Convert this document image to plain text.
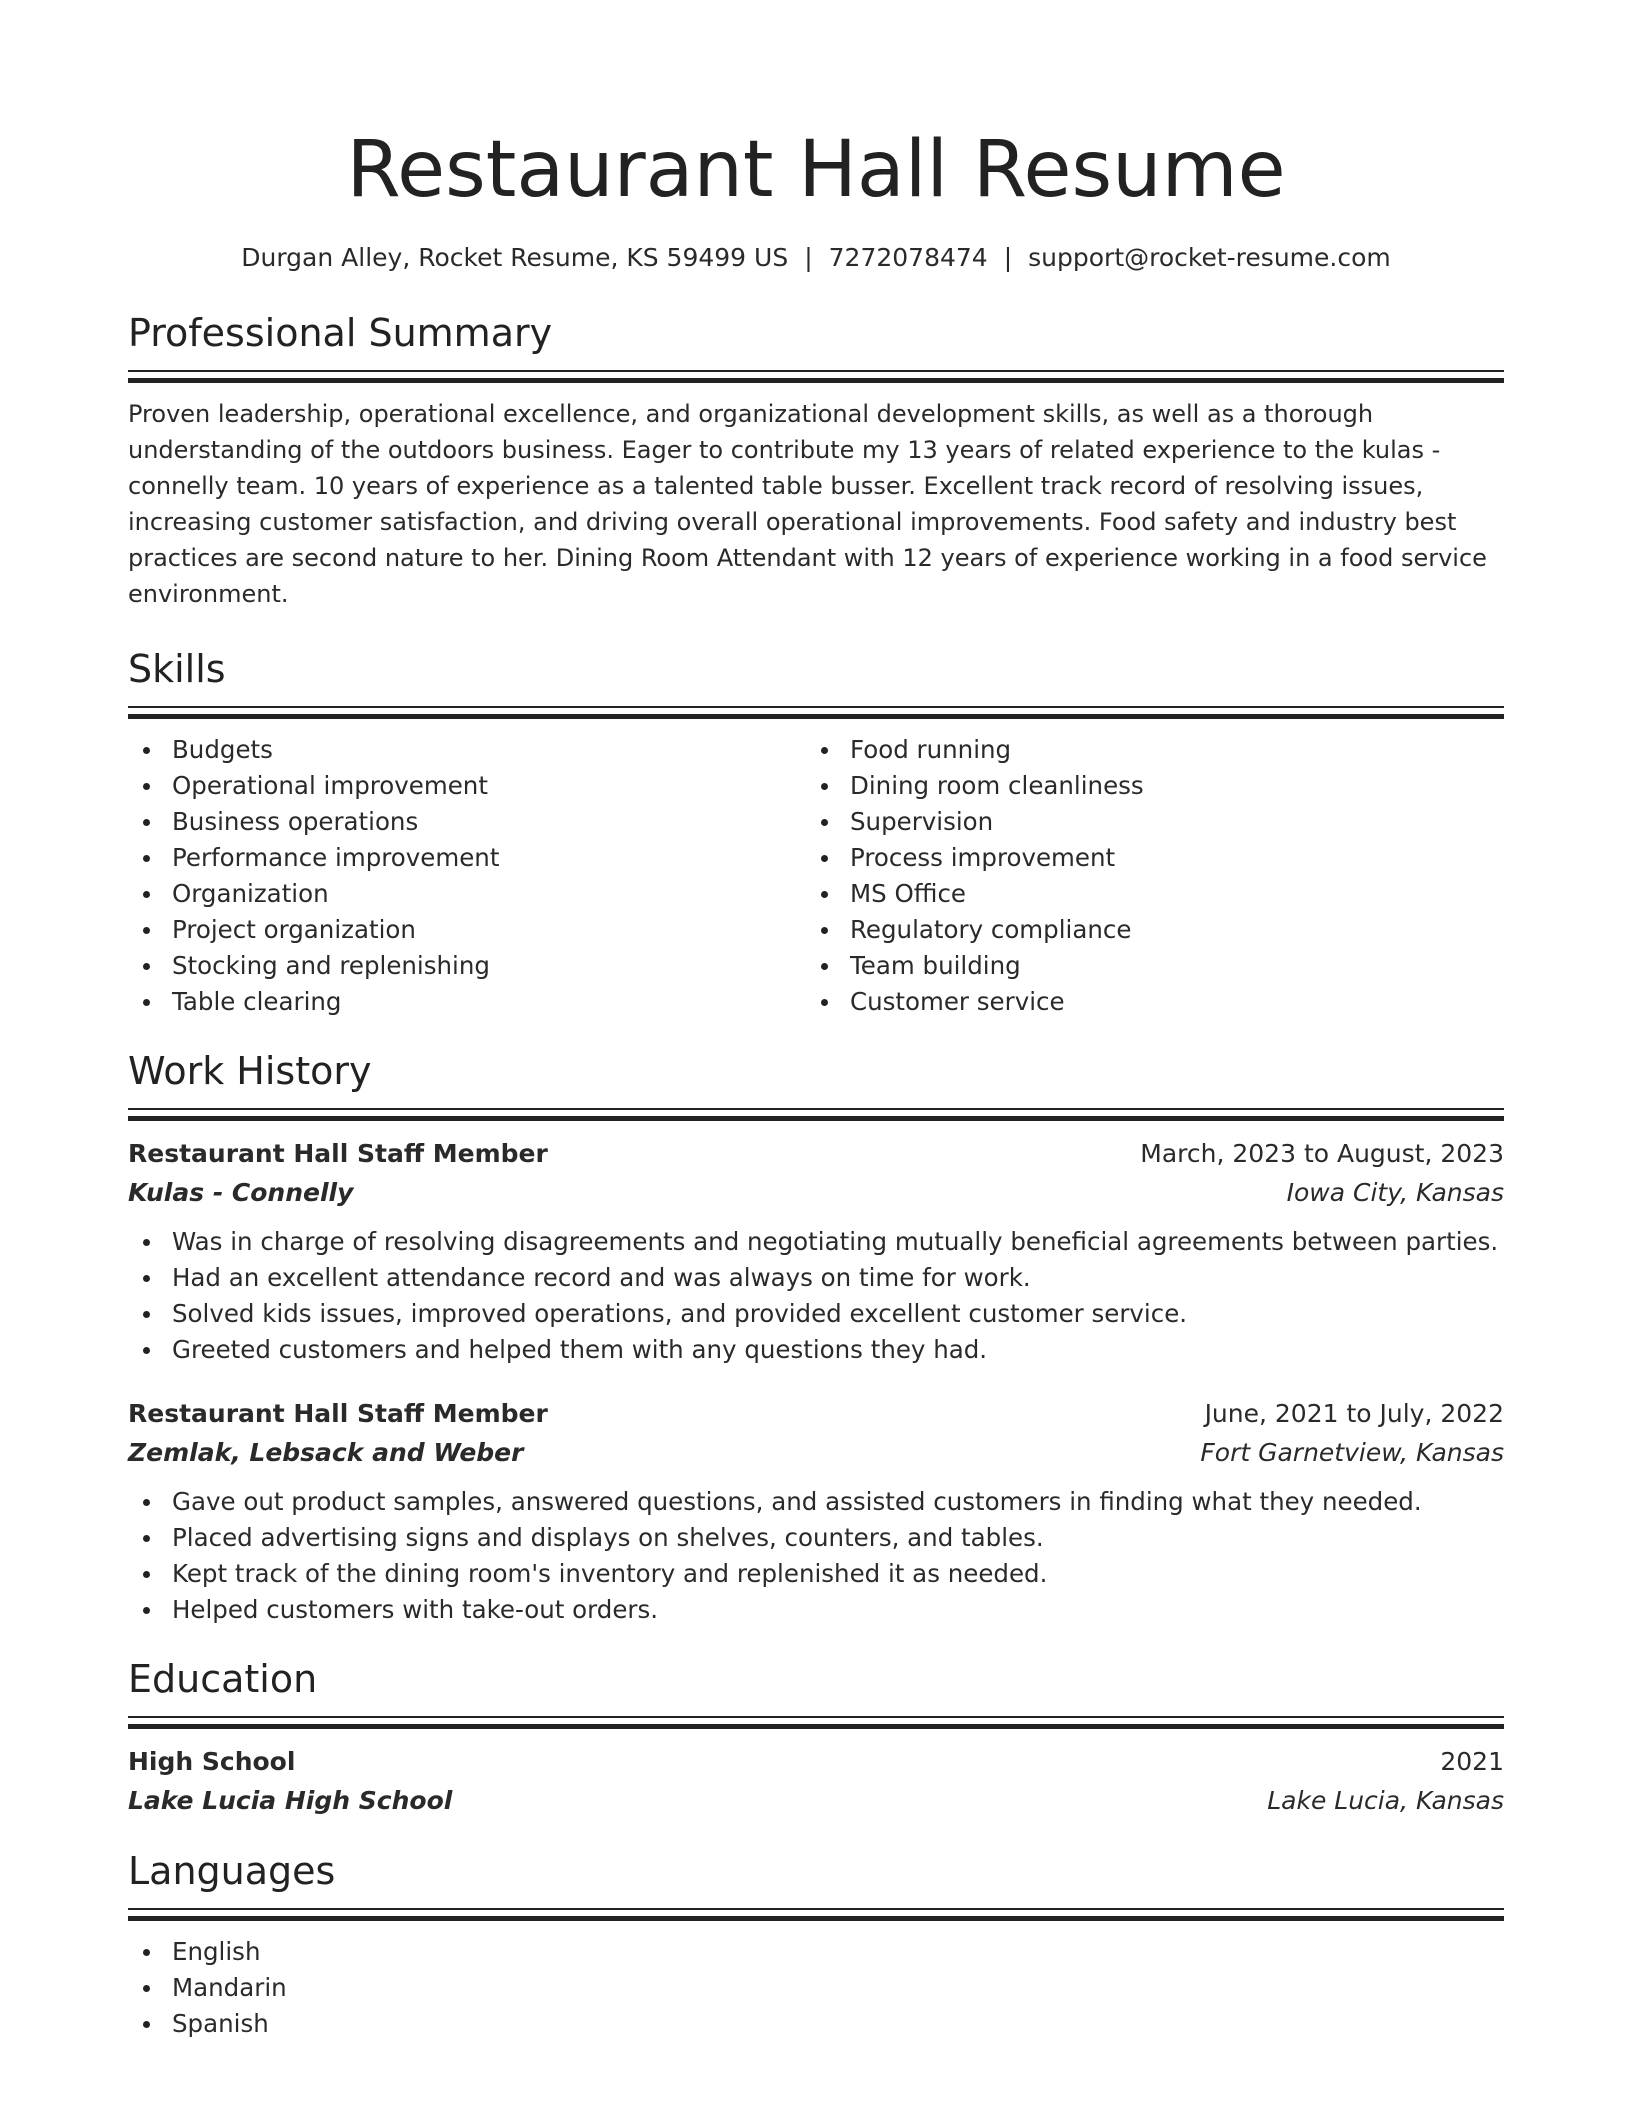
Restaurant Hall Resume
Durgan Alley, Rocket Resume, KS 59499 US | 7272078474 | support@rocket-resume.com
Professional Summary
Proven leadership, operational excellence, and organizational development skills, as well as a thorough understanding of the outdoors business. Eager to contribute my 13 years of related experience to the kulas - connelly team. 10 years of experience as a talented table busser. Excellent track record of resolving issues, increasing customer satisfaction, and driving overall operational improvements. Food safety and industry best practices are second nature to her. Dining Room Attendant with 12 years of experience working in a food service environment.
Skills
Budgets
Operational improvement
Business operations
Performance improvement
Organization
Project organization
Stocking and replenishing
Table clearing
Food running
Dining room cleanliness
Supervision
Process improvement
MS Office
Regulatory compliance
Team building
Customer service
Work History
Restaurant Hall Staff Member	March, 2023 to August, 2023
Kulas - Connelly	Iowa City, Kansas
Was in charge of resolving disagreements and negotiating mutually beneficial agreements between parties.
Had an excellent attendance record and was always on time for work.
Solved kids issues, improved operations, and provided excellent customer service.
Greeted customers and helped them with any questions they had.
Restaurant Hall Staff Member	June, 2021 to July, 2022
Zemlak, Lebsack and Weber	Fort Garnetview, Kansas
Gave out product samples, answered questions, and assisted customers in finding what they needed.
Placed advertising signs and displays on shelves, counters, and tables.
Kept track of the dining room's inventory and replenished it as needed.
Helped customers with take-out orders.
Education
High School	2021
Lake Lucia High School	Lake Lucia, Kansas
Languages
English
Mandarin
Spanish
